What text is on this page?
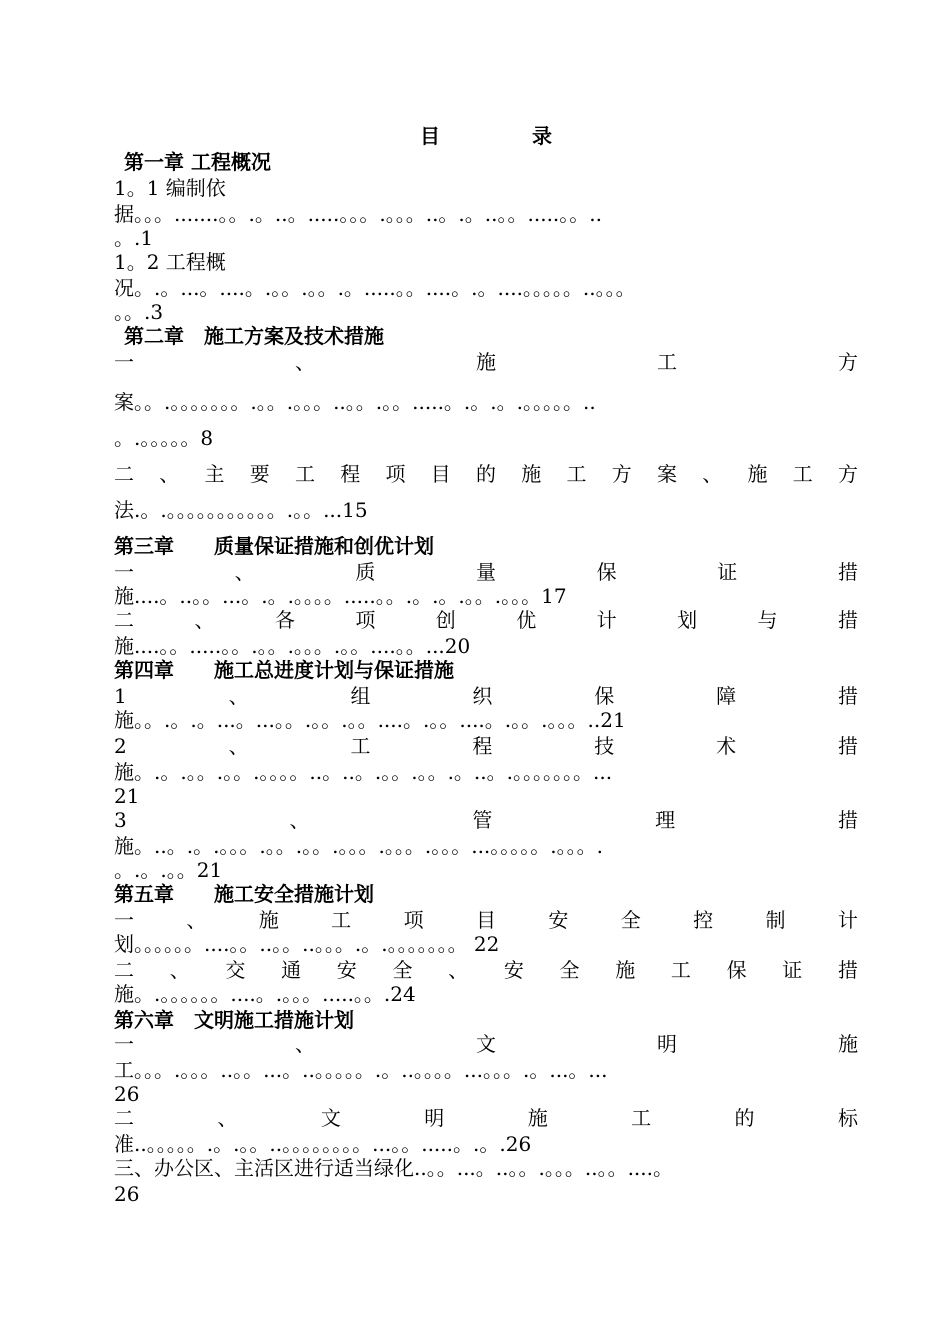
目	录
第一章 工程概况
1。1 编制依
据。。。.......。。.。..。.....。。。.。。。..。.。..。。.....。。..
。.1
1。2 工程概
况。.。...。....。.。。.。。.。.....。。....。.。....。。。。。..。。。
。。.3
第二章　施工方案及技术措施
一	、	施	工	方
案。。.。。。。。。。.。。.。。。..。。.。。.....。.。.。.。。。。。..
。.。。。。。8
二 、 主 要 工 程 项 目 的 施 工 方 案 、 施 工 方
法.。.。。。。。。。。。。。.。。...15
第三章　　质量保证措施和创优计划
一	、	质	量	保	证	措
施....。..。。...。.。.。。。。.....。。.。.。.。。.。。。17
二	、	各	项	创	优	计	划	与	措
施....。。.....。。.。。.。。。.。。....。。...20
第四章　　施工总进度计划与保证措施
1	、	组	织	保	障	措
施。。.。.。...。...。。.。。.。。....。.。。....。.。。.。。。..21
2	、	工	程	技	术	措
施。.。.。。.。。.。。。。..。..。.。。.。。.。..。.。。。。。。。...
21
3	、	管	理	措
施。..。.。.。。。.。。.。。.。。。.。。。.。。。...。。。。。.。。。.
。.。.。。21
第五章　　施工安全措施计划
一	、	施	工	项	目	安	全	控	制	计
划。。。。。。....。。..。。..。。。.。.。。。。。。。 22
二 、 交 通 安 全 、 安 全 施 工 保 证 措
施。.。。。。。。....。.。。。.....。。.24
第六章　文明施工措施计划
一	、	文	明	施
工。。。.。。。..。。...。..。。。。。.。..。。。。...。。。.。...。...
26
二	、	文	明	施	工	的	标
准..。。。。。.。.。。..。。。。。。。。...。。.....。.。.26
三、办公区、主活区进行适当绿化..。。...。..。。.。。。..。。....。
26
